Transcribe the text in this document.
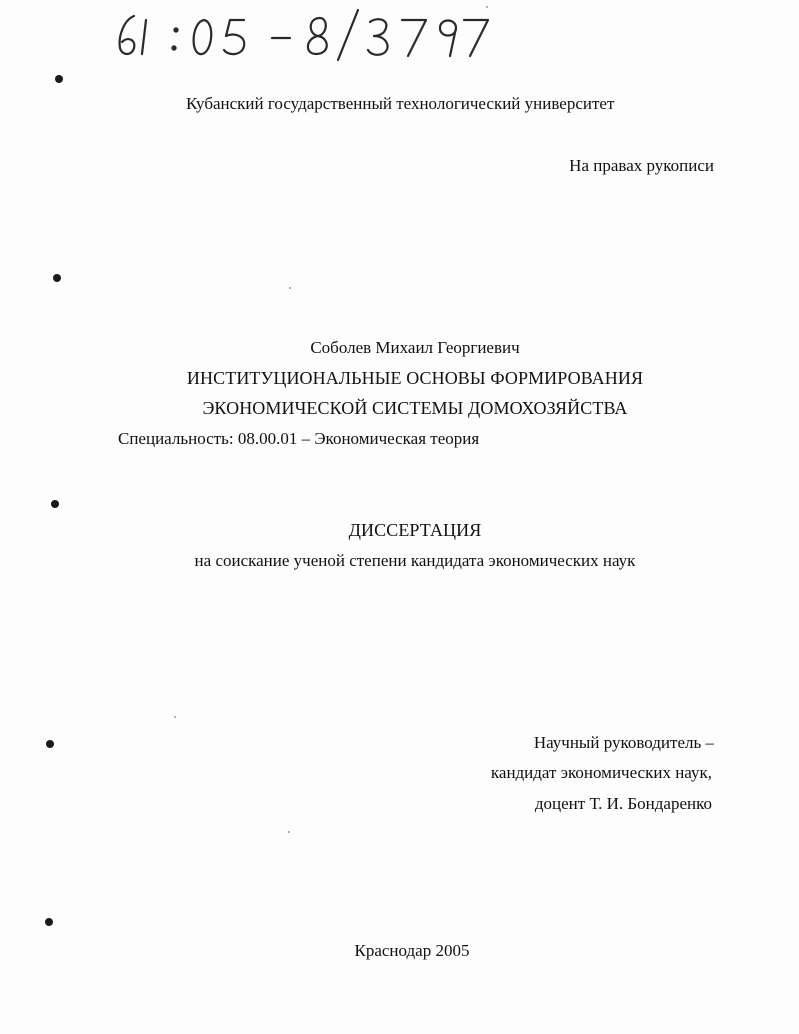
Кубанский государственный технологический университет
На правах рукописи
Соболев Михаил Георгиевич
ИНСТИТУЦИОНАЛЬНЫЕ ОСНОВЫ ФОРМИРОВАНИЯ
ЭКОНОМИЧЕСКОЙ СИСТЕМЫ ДОМОХОЗЯЙСТВА
Специальность: 08.00.01 – Экономическая теория
ДИССЕРТАЦИЯ
на соискание ученой степени кандидата экономических наук
Научный руководитель –
кандидат экономических наук,
доцент Т. И. Бондаренко
Краснодар 2005
